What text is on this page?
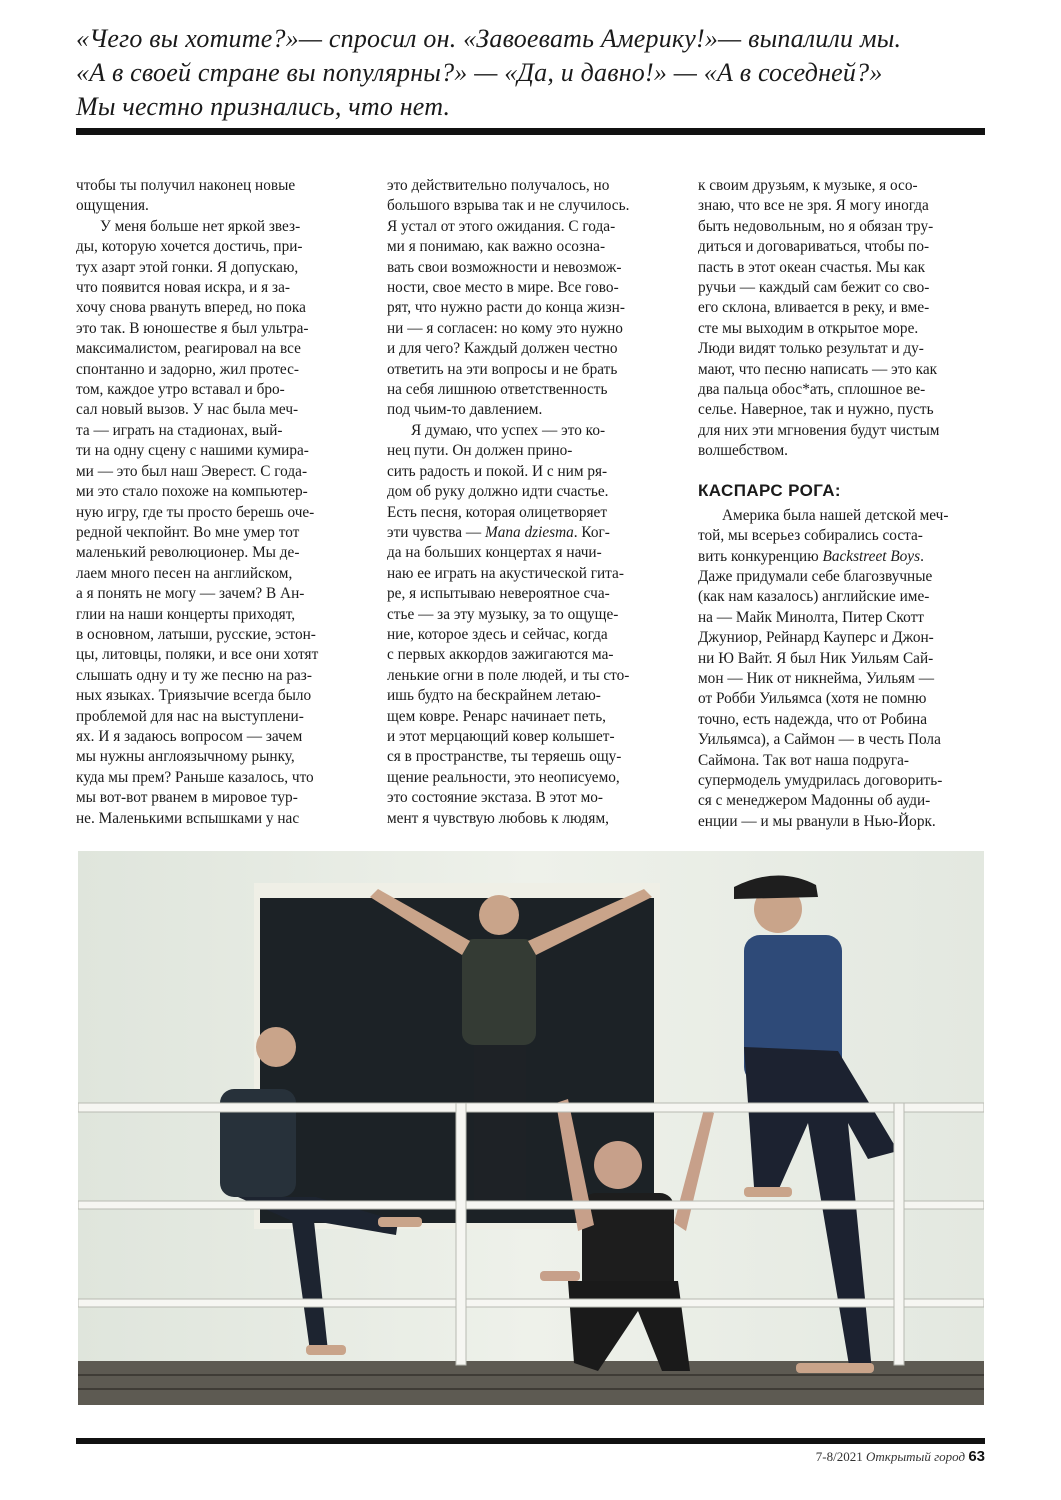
«Чего вы хотите?»— спросил он. «Завоевать Америку!»— выпалили мы.

«А в своей стране вы популярны?» — «Да, и давно!» — «А в соседней?»

Мы честно признались, что нет.

чтобы ты получил наконец новые

ощущения.

У меня больше нет яркой звез-

ды, которую хочется достичь, при-

тух азарт этой гонки. Я допускаю,

что появится новая искра, и я за-

хочу снова рвануть вперед, но пока

это так. В юношестве я был ультра-

максималистом, реагировал на все

спонтанно и задорно, жил протес-

том, каждое утро вставал и бро-

сал новый вызов. У нас была меч-

та — играть на стадионах, вый-

ти на одну сцену с нашими кумира-

ми — это был наш Эверест. С года-

ми это стало похоже на компьютер-

ную игру, где ты просто берешь оче-

редной чекпойнт. Во мне умер тот

маленький революционер. Мы де-

лаем много песен на английском,

а я понять не могу — зачем? В Ан-

глии на наши концерты приходят,

в основном, латыши, русские, эстон-

цы, литовцы, поляки, и все они хотят

слышать одну и ту же песню на раз-

ных языках. Триязычие всегда было

проблемой для нас на выступлени-

ях. И я задаюсь вопросом — зачем

мы нужны англоязычному рынку,

куда мы прем? Раньше казалось, что

мы вот-вот рванем в мировое тур-

не. Маленькими вспышками у нас

это действительно получалось, но

большого взрыва так и не случилось.

Я устал от этого ожидания. С года-

ми я понимаю, как важно осозна-

вать свои возможности и невозмож-

ности, свое место в мире. Все гово-

рят, что нужно расти до конца жизн-

ни — я согласен: но кому это нужно

и для чего? Каждый должен честно

ответить на эти вопросы и не брать

на себя лишнюю ответственность

под чьим-то давлением.

Я думаю, что успех — это ко-

нец пути. Он должен прино-

сить радость и покой. И с ним ря-

дом об руку должно идти счастье.

Есть песня, которая олицетворяет

эти чувства — Mana dziesma. Ког-

да на больших концертах я начи-

наю ее играть на акустической гита-

ре, я испытываю невероятное сча-

стье — за эту музыку, за то ощуще-

ние, которое здесь и сейчас, когда

с первых аккордов зажигаются ма-

ленькие огни в поле людей, и ты сто-

ишь будто на бескрайнем летаю-

щем ковре. Ренарс начинает петь,

и этот мерцающий ковер колышет-

ся в пространстве, ты теряешь ощу-

щение реальности, это неописуемо,

это состояние экстаза. В этот мо-

мент я чувствую любовь к людям,

к своим друзьям, к музыке, я осо-

знаю, что все не зря. Я могу иногда

быть недовольным, но я обязан тру-

диться и договариваться, чтобы по-

пасть в этот океан счастья. Мы как

ручьи — каждый сам бежит со сво-

его склона, вливается в реку, и вме-

сте мы выходим в открытое море.

Люди видят только результат и ду-

мают, что песню написать — это как

два пальца обос*ать, сплошное ве-

селье. Наверное, так и нужно, пусть

для них эти мгновения будут чистым

волшебством.

КАСПАРС РОГА:

Америка была нашей детской меч-

той, мы всерьез собирались соста-

вить конкуренцию Backstreet Boys.

Даже придумали себе благозвучные

(как нам казалось) английские име-

на — Майк Минолта, Питер Скотт

Джуниор, Рейнард Кауперс и Джон-

ни Ю Вайт. Я был Ник Уильям Сай-

мон — Ник от никнейма, Уильям —

от Робби Уильямса (хотя не помню

точно, есть надежда, что от Робина

Уильямса), а Саймон — в честь Пола

Саймона. Так вот наша подруга-

супермодель умудрилась договорить-

ся с менеджером Мадонны об ауди-

енции — и мы рванули в Нью-Йорк.

7-8/2021 Открытый город 63
